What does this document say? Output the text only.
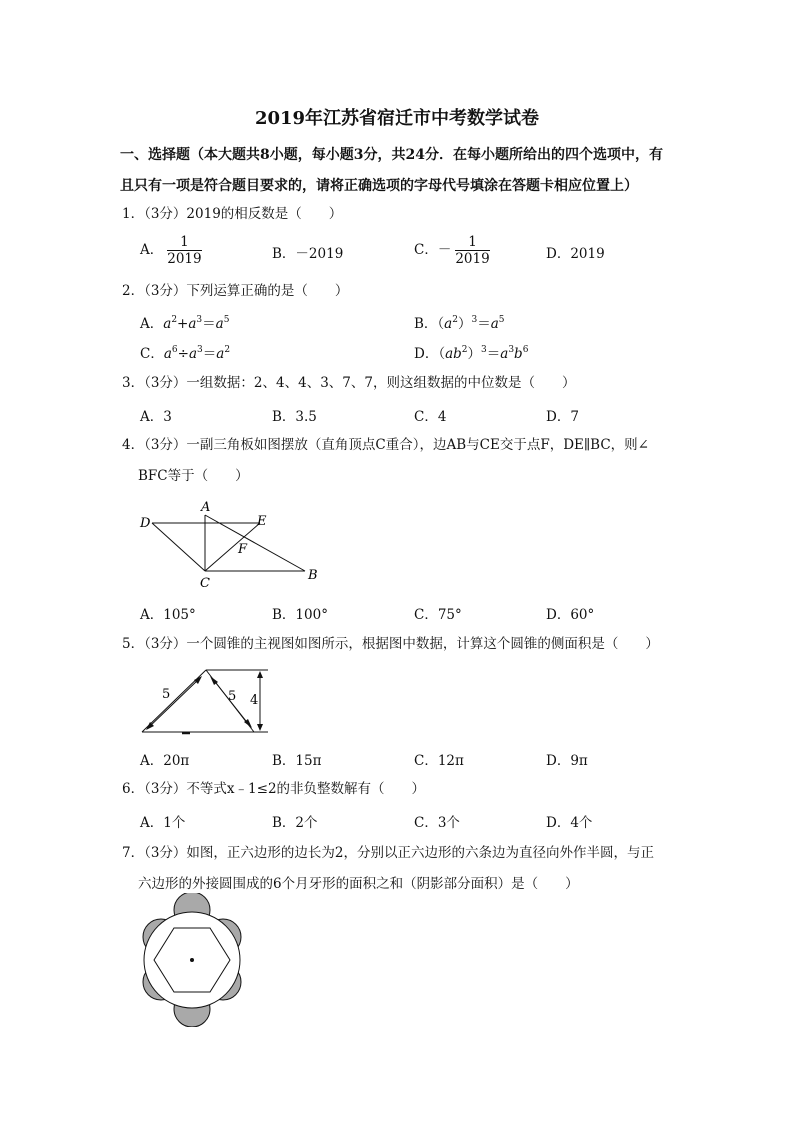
2019年江苏省宿迁市中考数学试卷
一、选择题（本大题共8小题，每小题3分，共24分．在每小题所给出的四个选项中，有
且只有一项是符合题目要求的，请将正确选项的字母代号填涂在答题卡相应位置上）
1．（3分）2019的相反数是（　　）
A． $\frac{1}{2019}$	B．－2019	C．－ $\frac{1}{2019}$	D．2019
2．（3分）下列运算正确的是（　　）
A．$a^2+a^3=a^5$	B．$(a^2)^3=a^5$
C．$a^6\div a^3=a^2$	D．$(ab^2)^3=a^3b^6$
3．（3分）一组数据：2、4、4、3、7、7，则这组数据的中位数是（　　）
A．3	B．3.5	C．4	D．7
4．（3分）一副三角板如图摆放（直角顶点C重合），边AB与CE交于点F，DE∥BC，则∠
BFC等于（　　）
A
D	E
F
C
B
A．105°	B．100°	C．75°	D．60°
5．（3分）一个圆锥的主视图如图所示，根据图中数据，计算这个圆锥的侧面积是（　　）
5	5 4
A．20π	B．15π	C．12π	D．9π
6．（3分）不等式x﹣1≤2的非负整数解有（　　）
A．1个	B．2个	C．3个	D．4个
7．（3分）如图，正六边形的边长为2，分别以正六边形的六条边为直径向外作半圆，与正
六边形的外接圆围成的6个月牙形的面积之和（阴影部分面积）是（　　）
